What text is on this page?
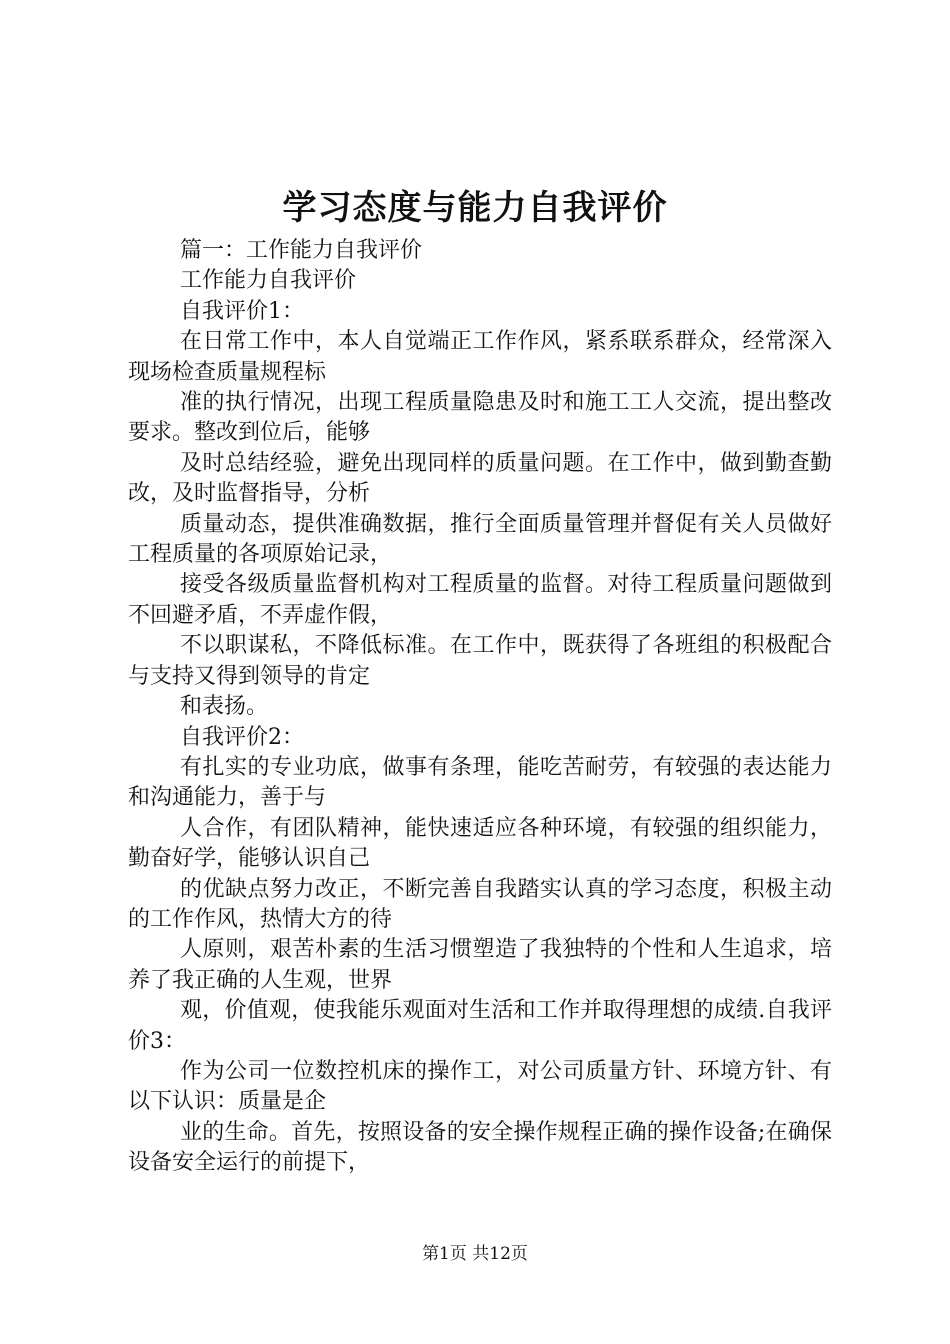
学习态度与能力自我评价

篇一：工作能力自我评价

工作能力自我评价

自我评价1：

在日常工作中，本人自觉端正工作作风，紧系联系群众，经常深入现场检查质量规程标

准的执行情况，出现工程质量隐患及时和施工工人交流，提出整改要求。整改到位后，能够

及时总结经验，避免出现同样的质量问题。在工作中，做到勤查勤改，及时监督指导，分析

质量动态，提供准确数据，推行全面质量管理并督促有关人员做好工程质量的各项原始记录，

接受各级质量监督机构对工程质量的监督。对待工程质量问题做到不回避矛盾，不弄虚作假，

不以职谋私，不降低标准。在工作中，既获得了各班组的积极配合与支持又得到领导的肯定

和表扬。

自我评价2：

有扎实的专业功底，做事有条理，能吃苦耐劳，有较强的表达能力和沟通能力，善于与

人合作，有团队精神，能快速适应各种环境，有较强的组织能力，勤奋好学，能够认识自己

的优缺点努力改正，不断完善自我踏实认真的学习态度，积极主动的工作作风，热情大方的待

人原则，艰苦朴素的生活习惯塑造了我独特的个性和人生追求，培养了我正确的人生观，世界

观，价值观，使我能乐观面对生活和工作并取得理想的成绩.自我评价3：

作为公司一位数控机床的操作工，对公司质量方针、环境方针、有以下认识：质量是企

业的生命。首先，按照设备的安全操作规程正确的操作设备;在确保设备安全运行的前提下，

第1页 共12页
